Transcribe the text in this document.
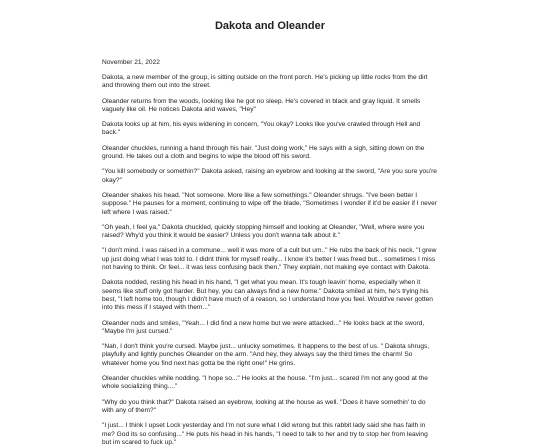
Dakota and Oleander

November 21, 2022

Dakota, a new member of the group, is sitting outside on the front porch. He's picking up little rocks from the dirt and throwing them out into the street.

Oleander returns from the woods, looking like he got no sleep. He's covered in black and gray liquid. It smells vaguely like oil. He notices Dakota and waves, "Hey"

Dakota looks up at him, his eyes widening in concern, "You okay? Looks like you've crawled through Hell and back."

Oleander chuckles, running a hand through his hair. "Just doing work," He says with a sigh, sitting down on the ground. He takes out a cloth and begins to wipe the blood off his sword.

"You kill somebody or somethin?" Dakota asked, raising an eyebrow and looking at the sword, "Are you sure you're okay?"

Oleander shakes his head. "Not someone. More like a few somethings." Oleander shrugs. "I've been better I suppose." He pauses for a moment, continuing to wipe off the blade, "Sometimes I wonder if it'd be easier if I never left where I was raised."

"Oh yeah, I feel ya," Dakota chuckled, quickly stopping himself and looking at Oleander, "Well, where were you raised? Why'd you think it would be easier? Unless you don't wanna talk about it."

"I don't mind. I was raised in a commune... well it was more of a cult but um.." He rubs the back of his neck. "I grew up just doing what I was told to. I didnt think for myself really... I know it's better I was freed but... sometimes I miss not having to think. Or feel... it was less confusing back then," They explain, not making eye contact with Dakota.

Dakota nodded, resting his head in his hand, "I get what you mean. It's tough leavin' home, especially when it seems like stuff only got harder. But hey, you can always find a new home." Dakota smiled at him, he's trying his best, "I left home too, though I didn't have much of a reason, so I understand how you feel. Would've never gotten into this mess if I stayed with them..."

Oleander nods and smiles, "Yeah... I did find a new home but we were attacked..." He looks back at the sword, "Maybe I'm just cursed."

"Nah, I don't think you're cursed. Maybe just... unlucky sometimes. It happens to the best of us. " Dakota shrugs, playfully and lightly punches Oleander on the arm. "And hey, they always say the third times the charm! So whatever home you find next has gotta be the right one!" He grins.

Oleander chuckles while nodding. "I hope so..." He looks at the house. "I'm just... scared I'm not any good at the whole socializing thing...."

"Why do you think that?" Dakota raised an eyebrow, looking at the house as well. "Does it have somethin' to do with any of them?"

"I just... I think I upset Lock yesterday and I'm not sure what I did wrong but this rabbit lady said she has faith in me? God its so confusing..." He puts his head in his hands, "I need to talk to her and try to stop her from leaving but im scared to fuck up."
